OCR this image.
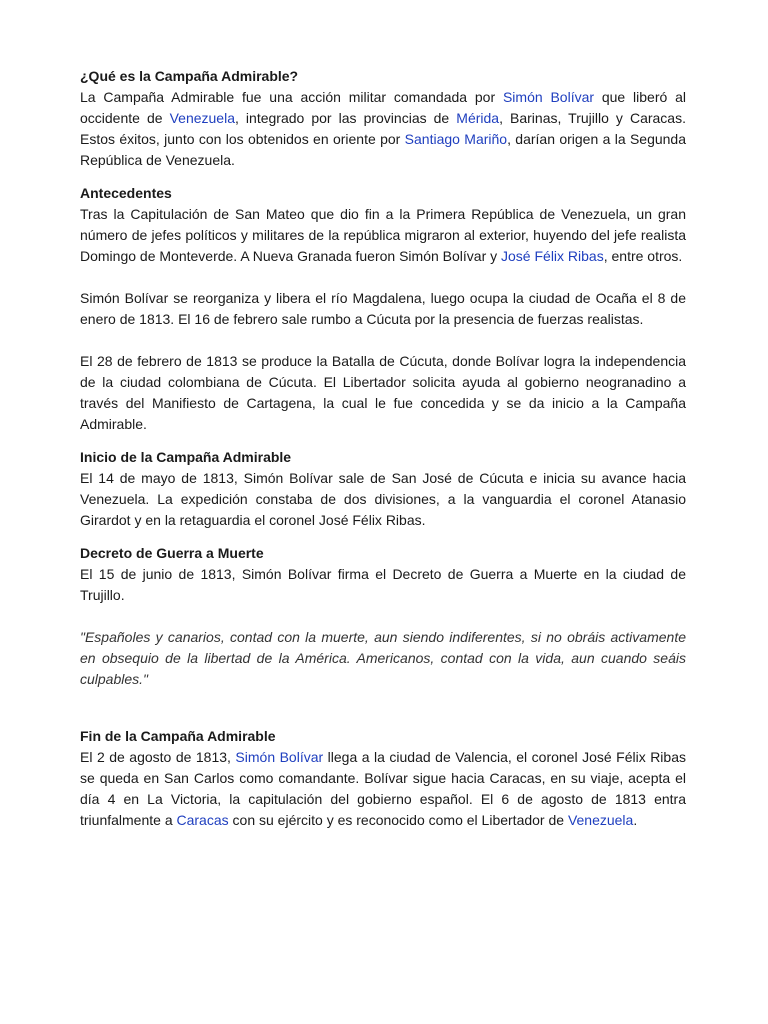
¿Qué es la Campaña Admirable?

La Campaña Admirable fue una acción militar comandada por Simón Bolívar que liberó al occidente de Venezuela, integrado por las provincias de Mérida, Barinas, Trujillo y Caracas. Estos éxitos, junto con los obtenidos en oriente por Santiago Mariño, darían origen a la Segunda República de Venezuela.

Antecedentes

Tras la Capitulación de San Mateo que dio fin a la Primera República de Venezuela, un gran número de jefes políticos y militares de la república migraron al exterior, huyendo del jefe realista Domingo de Monteverde. A Nueva Granada fueron Simón Bolívar y José Félix Ribas, entre otros.

Simón Bolívar se reorganiza y libera el río Magdalena, luego ocupa la ciudad de Ocaña el 8 de enero de 1813. El 16 de febrero sale rumbo a Cúcuta por la presencia de fuerzas realistas.

El 28 de febrero de 1813 se produce la Batalla de Cúcuta, donde Bolívar logra la independencia de la ciudad colombiana de Cúcuta. El Libertador solicita ayuda al gobierno neogranadino a través del Manifiesto de Cartagena, la cual le fue concedida y se da inicio a la Campaña Admirable.

Inicio de la Campaña Admirable

El 14 de mayo de 1813, Simón Bolívar sale de San José de Cúcuta e inicia su avance hacia Venezuela. La expedición constaba de dos divisiones, a la vanguardia el coronel Atanasio Girardot y en la retaguardia el coronel José Félix Ribas.

Decreto de Guerra a Muerte

El 15 de junio de 1813, Simón Bolívar firma el Decreto de Guerra a Muerte en la ciudad de Trujillo.

"Españoles y canarios, contad con la muerte, aun siendo indiferentes, si no obráis activamente en obsequio de la libertad de la América. Americanos, contad con la vida, aun cuando seáis culpables."

Fin de la Campaña Admirable

El 2 de agosto de 1813, Simón Bolívar llega a la ciudad de Valencia, el coronel José Félix Ribas se queda en San Carlos como comandante. Bolívar sigue hacia Caracas, en su viaje, acepta el día 4 en La Victoria, la capitulación del gobierno español. El 6 de agosto de 1813 entra triunfalmente a Caracas con su ejército y es reconocido como el Libertador de Venezuela.
